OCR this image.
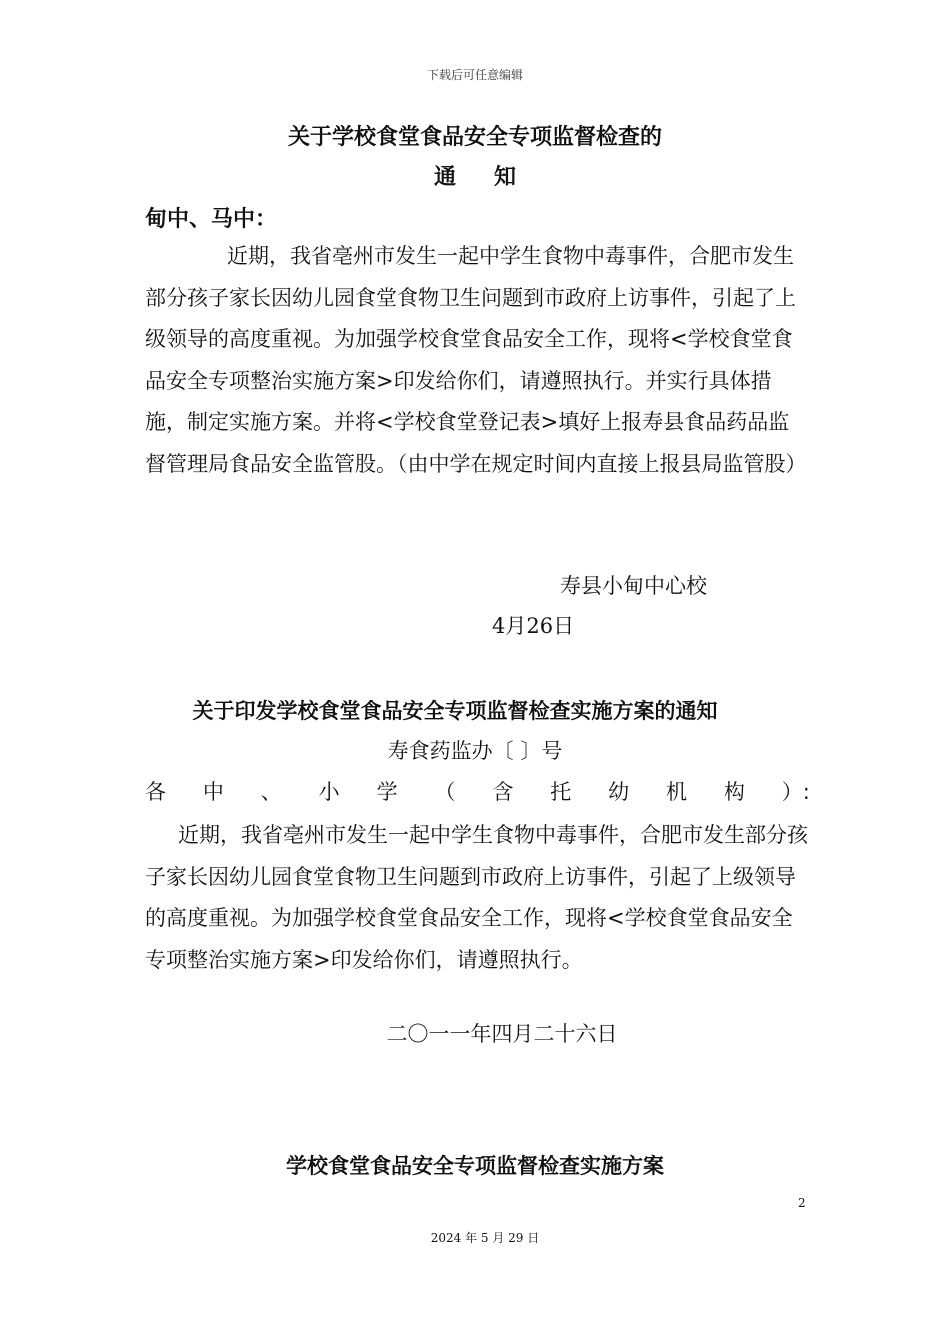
下载后可任意编辑
关于学校食堂食品安全专项监督检查的
通知
甸中、马中：

近期，我省亳州市发生一起中学生食物中毒事件，合肥市发生部分孩子家长因幼儿园食堂食物卫生问题到市政府上访事件，引起了上级领导的高度重视。为加强学校食堂食品安全工作，现将<学校食堂食品安全专项整治实施方案>印发给你们，请遵照执行。并实行具体措施，制定实施方案。并将<学校食堂登记表>填好上报寿县食品药品监督管理局食品安全监管股。（由中学在规定时间内直接上报县局监管股）

寿县小甸中心校
4月26日
关于印发学校食堂食品安全专项监督检查实施方案的通知
寿食药监办〔 〕号
各 中 、 小 学 （ 含 托 幼 机 构 ）:

近期，我省亳州市发生一起中学生食物中毒事件，合肥市发生部分孩子家长因幼儿园食堂食物卫生问题到市政府上访事件，引起了上级领导的高度重视。为加强学校食堂食品安全工作，现将<学校食堂食品安全专项整治实施方案>印发给你们，请遵照执行。

二〇一一年四月二十六日
学校食堂食品安全专项监督检查实施方案
2
2024 年 5 月 29 日
